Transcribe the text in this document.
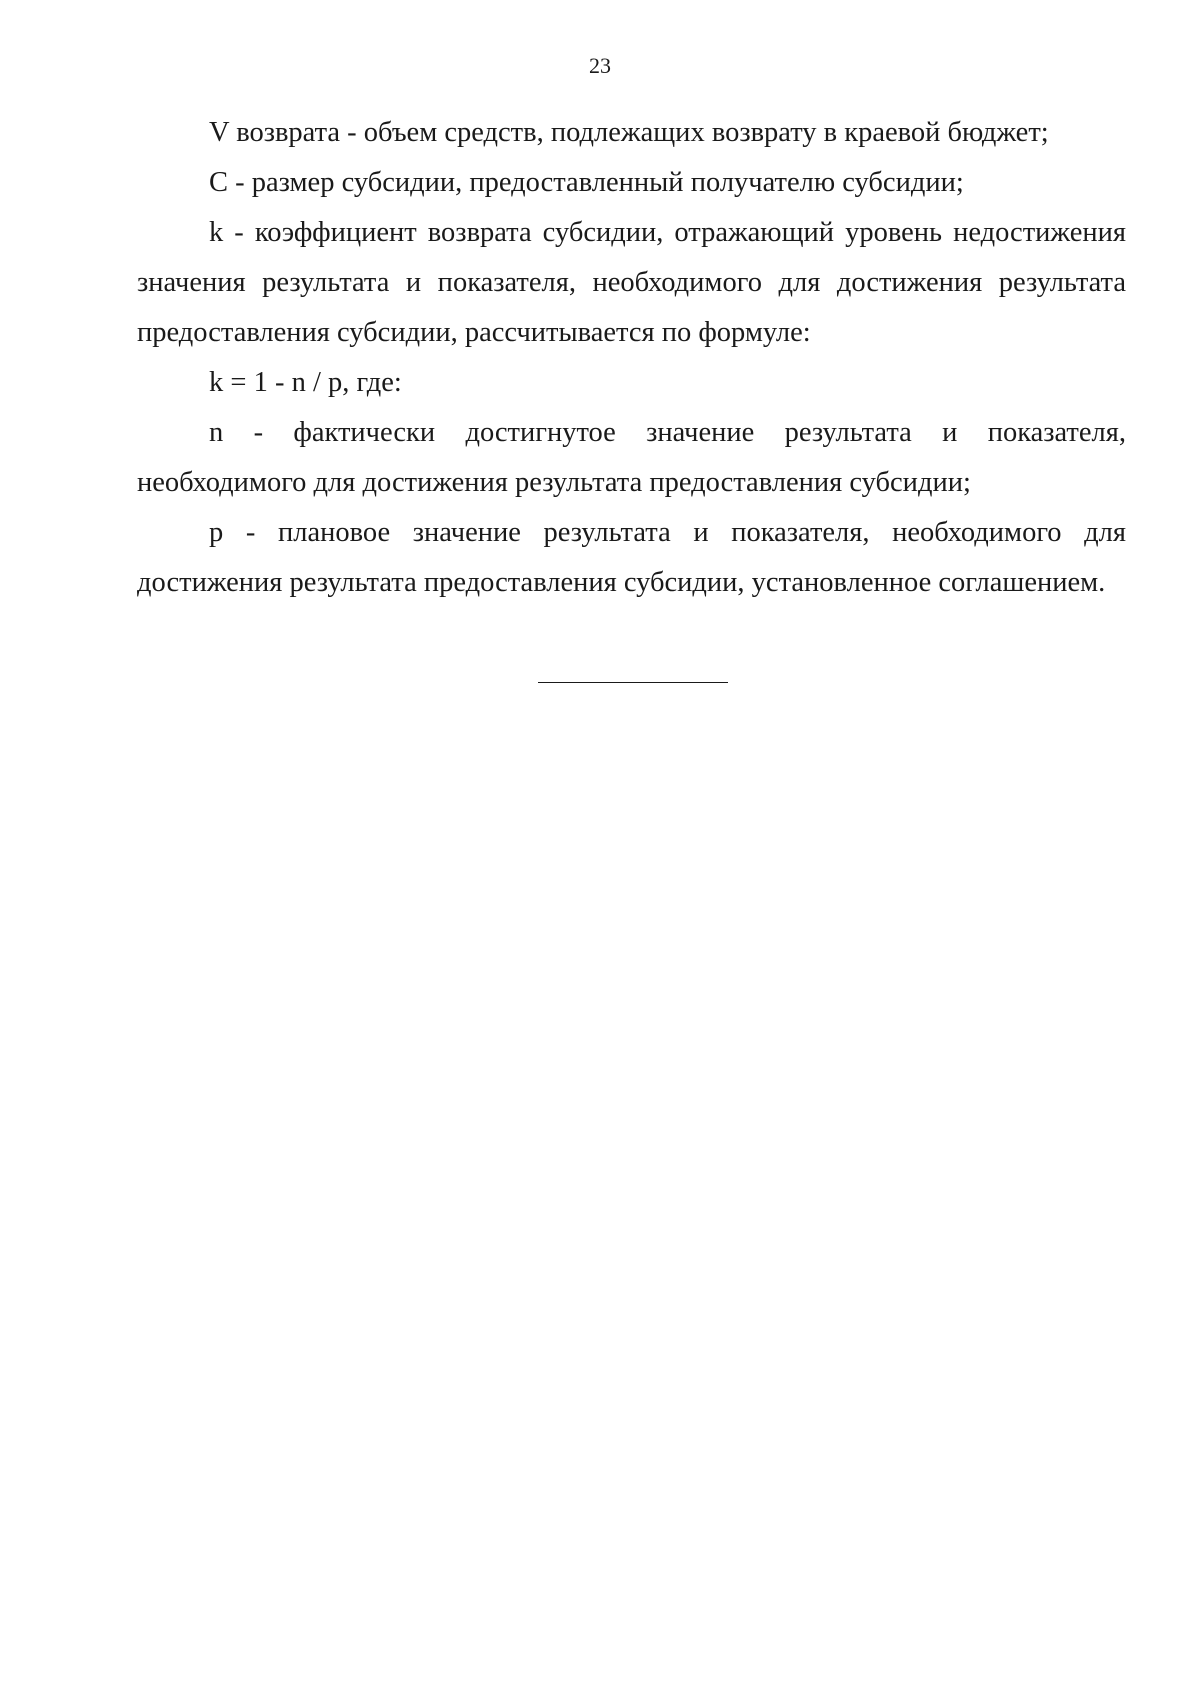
23

V возврата - объем средств, подлежащих возврату в краевой бюджет;

С - размер субсидии, предоставленный получателю субсидии;

k - коэффициент возврата субсидии, отражающий уровень недостижения значения результата и показателя, необходимого для достижения результата предоставления субсидии, рассчитывается по формуле:

k = 1 - n / p, где:

n - фактически достигнутое значение результата и показателя, необходимого для достижения результата предоставления субсидии;

p - плановое значение результата и показателя, необходимого для достижения результата предоставления субсидии, установленное соглашением.
